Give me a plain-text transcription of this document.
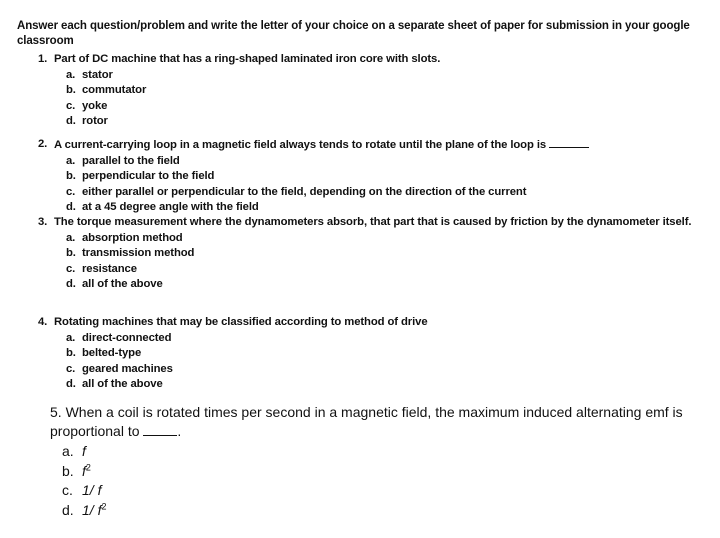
Answer each question/problem and write the letter of your choice on a separate sheet of paper for submission in your google classroom
1. Part of DC machine that has a ring-shaped laminated iron core with slots.
a. stator
b. commutator
c. yoke
d. rotor
2. A current-carrying loop in a magnetic field always tends to rotate until the plane of the loop is
a. parallel to the field
b. perpendicular to the field
c. either parallel or perpendicular to the field, depending on the direction of the current
d. at a 45 degree angle with the field
3. The torque measurement where the dynamometers absorb, that part that is caused by friction by the dynamometer itself.
a. absorption method
b. transmission method
c. resistance
d. all of the above
4. Rotating machines that may be classified according to method of drive
a. direct-connected
b. belted-type
c. geared machines
d. all of the above
5. When a coil is rotated times per second in a magnetic field, the maximum induced alternating emf is proportional to	.
a. f
b. $f^2$
c. 1/ f
d. 1/ $f^2$
